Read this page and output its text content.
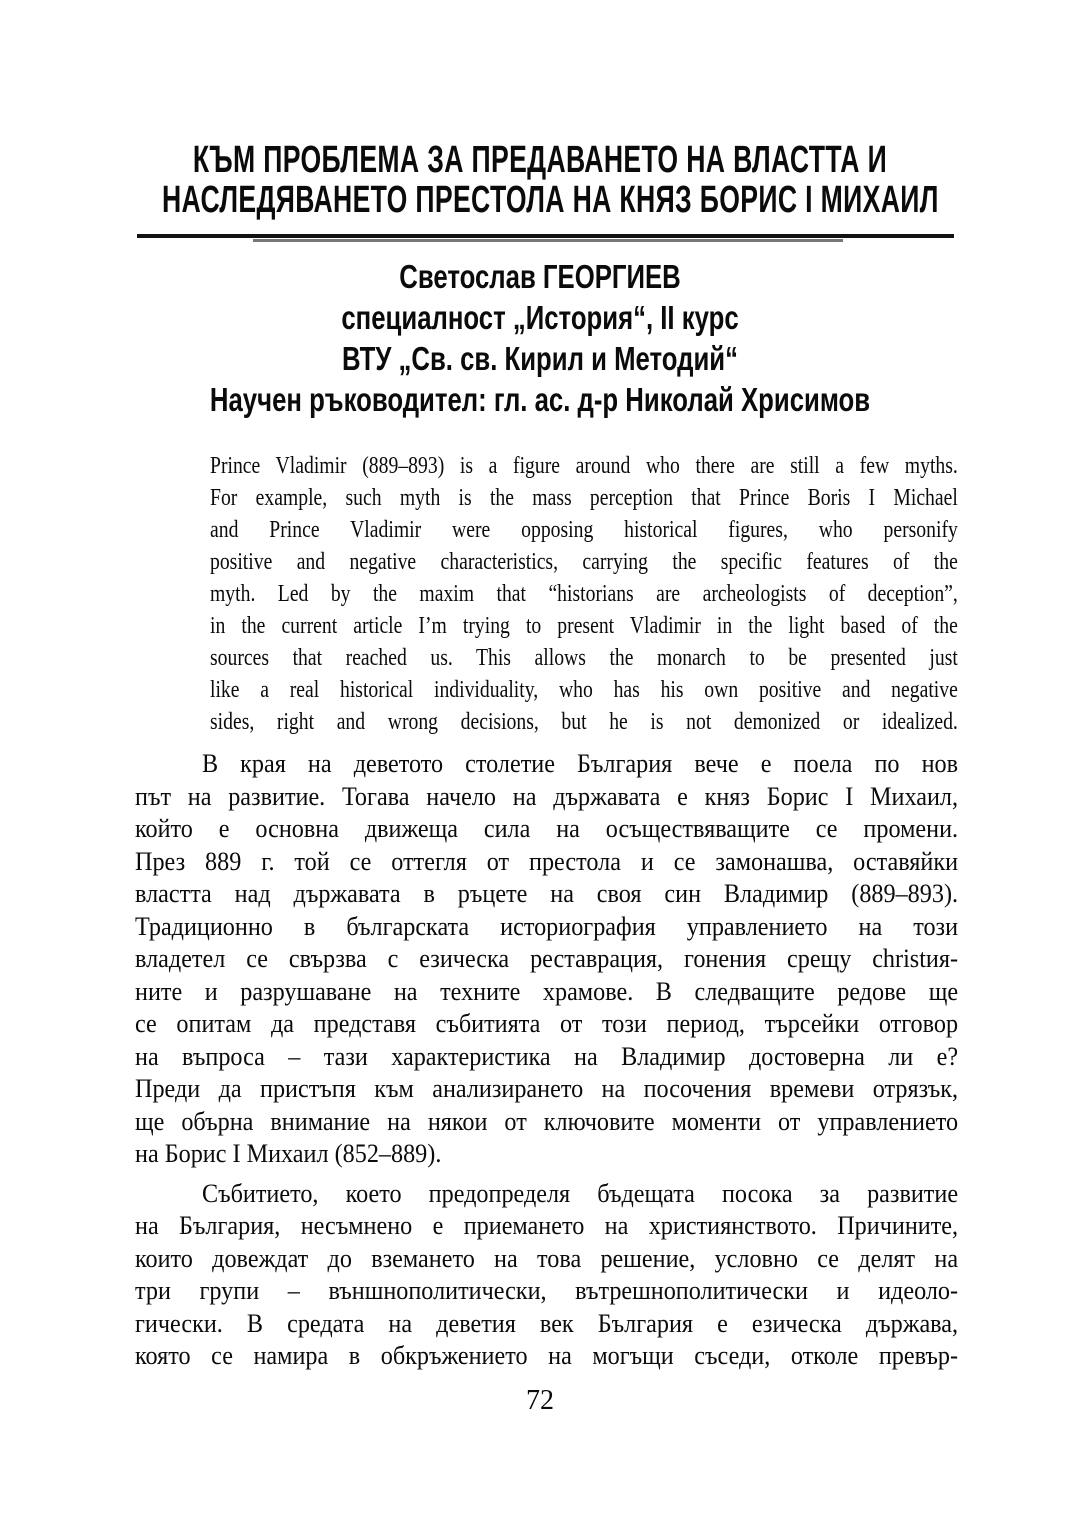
КЪМ ПРОБЛЕМА ЗА ПРЕДАВАНЕТО НА ВЛАСТТА И
НАСЛЕДЯВАНЕТО ПРЕСТОЛА НА КНЯЗ БОРИС I МИХАИЛ
Светослав ГЕОРГИЕВ
специалност „История“, II курс
ВТУ „Св. св. Кирил и Методий“
Научен ръководител: гл. ас. д-р Николай Хрисимов
Prince Vladimir (889–893) is a figure around who there are still a few myths.
For example, such myth is the mass perception that Prince Boris I Michael
and Prince Vladimir were opposing historical figures, who personify
positive and negative characteristics, carrying the specific features of the
myth. Led by the maxim that “historians are archeologists of deception”,
in the current article I’m trying to present Vladimir in the light based of the
sources that reached us. This allows the monarch to be presented just
like a real historical individuality, who has his own positive and negative
sides, right and wrong decisions, but he is not demonized or idealized.
В края на деветото столетие България вече е поела по нов
път на развитие. Тогава начело на държавата е княз Борис I Михаил,
който е основна движеща сила на осъществяващите се промени.
През 889 г. той се оттегля от престола и се замонашва, оставяйки
властта над държавата в ръцете на своя син Владимир (889–893).
Традиционно в българската историография управлението на този
владетел се свързва с езическа реставрация, гонения срещу christия-
ните и разрушаване на техните храмове. В следващите редове ще
се опитам да представя събитията от този период, търсейки отговор
на въпроса – тази характеристика на Владимир достоверна ли е?
Преди да пристъпя към анализирането на посочения времеви отрязък,
ще обърна внимание на някои от ключовите моменти от управлението
на Борис I Михаил (852–889).
Събитието, което предопределя бъдещата посока за развитие
на България, несъмнено е приемането на християнството. Причините,
които довеждат до вземането на това решение, условно се делят на
три групи – външнополитически, вътрешнополитически и идеоло-
гически. В средата на деветия век България е езическа държава,
която се намира в обкръжението на могъщи съседи, отколе превър-
72
